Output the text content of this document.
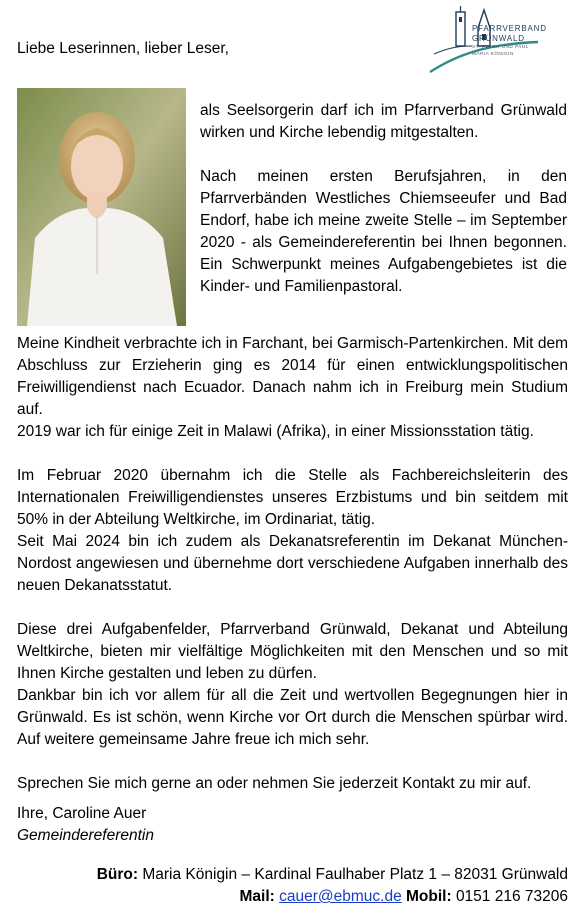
Liebe Leserinnen, lieber Leser,
PFARRVERBAND
GRÜNWALD
ST. PETER UND PAUL
MARIA KÖNIGIN

als Seelsorgerin darf ich im Pfarrverband Grünwald wirken und Kirche lebendig mitgestalten.

Nach meinen ersten Berufsjahren, in den Pfarrverbänden Westliches Chiemseeufer und Bad Endorf, habe ich meine zweite Stelle – im September 2020 - als Gemeindereferentin bei Ihnen begonnen. Ein Schwerpunkt meines Aufgabengebietes ist die Kinder- und Familienpastoral.

Meine Kindheit verbrachte ich in Farchant, bei Garmisch-Partenkirchen. Mit dem Abschluss zur Erzieherin ging es 2014 für einen entwicklungspolitischen Freiwilligendienst nach Ecuador. Danach nahm ich in Freiburg mein Studium auf.
2019 war ich für einige Zeit in Malawi (Afrika), in einer Missionsstation tätig.

Im Februar 2020 übernahm ich die Stelle als Fachbereichsleiterin des Internationalen Freiwilligendienstes unseres Erzbistums und bin seitdem mit 50% in der Abteilung Weltkirche, im Ordinariat, tätig.
Seit Mai 2024 bin ich zudem als Dekanatsreferentin im Dekanat München-Nordost angewiesen und übernehme dort verschiedene Aufgaben innerhalb des neuen Dekanatsstatut.

Diese drei Aufgabenfelder, Pfarrverband Grünwald, Dekanat und Abteilung Weltkirche, bieten mir vielfältige Möglichkeiten mit den Menschen und so mit Ihnen Kirche gestalten und leben zu dürfen.
Dankbar bin ich vor allem für all die Zeit und wertvollen Begegnungen hier in Grünwald. Es ist schön, wenn Kirche vor Ort durch die Menschen spürbar wird. Auf weitere gemeinsame Jahre freue ich mich sehr.

Sprechen Sie mich gerne an oder nehmen Sie jederzeit Kontakt zu mir auf.

Ihre, Caroline Auer
Gemeindereferentin
Büro: Maria Königin – Kardinal Faulhaber Platz 1 – 82031 Grünwald
Mail: cauer@ebmuc.de Mobil: 0151 216 73206
